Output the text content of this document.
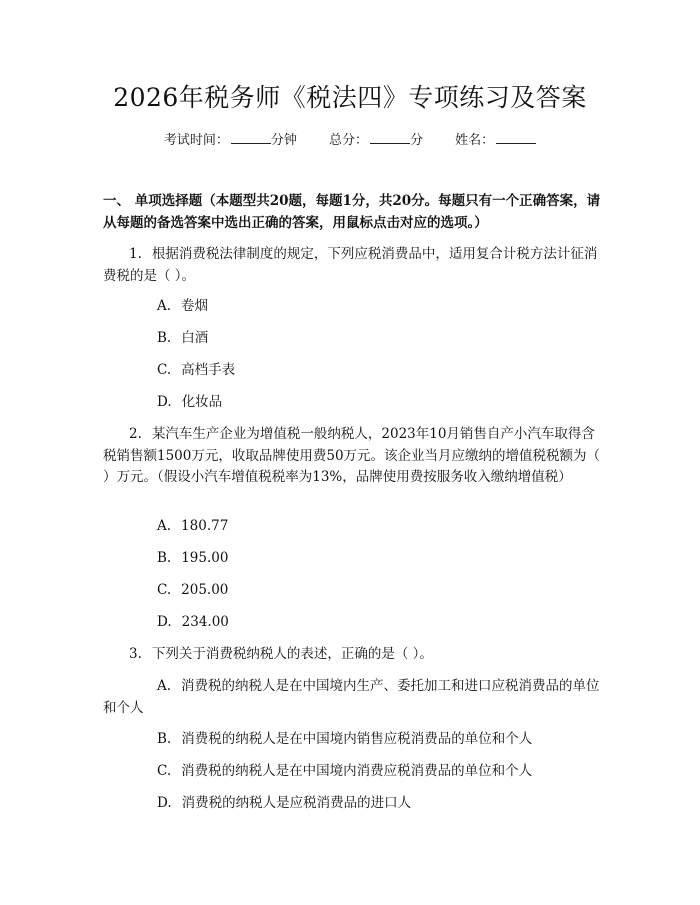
2026年税务师《税法四》专项练习及答案
考试时间：	分钟 总分：	分 姓名：
一、 单项选择题（本题型共20题，每题1分，共20分。每题只有一个正确答案，请从每题的备选答案中选出正确的答案，用鼠标点击对应的选项。）
1. 根据消费税法律制度的规定，下列应税消费品中，适用复合计税方法计征消费税的是（ ）。
A. 卷烟
B. 白酒
C. 高档手表
D. 化妆品
2. 某汽车生产企业为增值税一般纳税人，2023年10月销售自产小汽车取得含税销售额1500万元，收取品牌使用费50万元。该企业当月应缴纳的增值税税额为（ ）万元。（假设小汽车增值税税率为13%，品牌使用费按服务收入缴纳增值税）
A. 180.77
B. 195.00
C. 205.00
D. 234.00
3. 下列关于消费税纳税人的表述，正确的是（ ）。
A. 消费税的纳税人是在中国境内生产、委托加工和进口应税消费品的单位和个人
B. 消费税的纳税人是在中国境内销售应税消费品的单位和个人
C. 消费税的纳税人是在中国境内消费应税消费品的单位和个人
D. 消费税的纳税人是应税消费品的进口人
